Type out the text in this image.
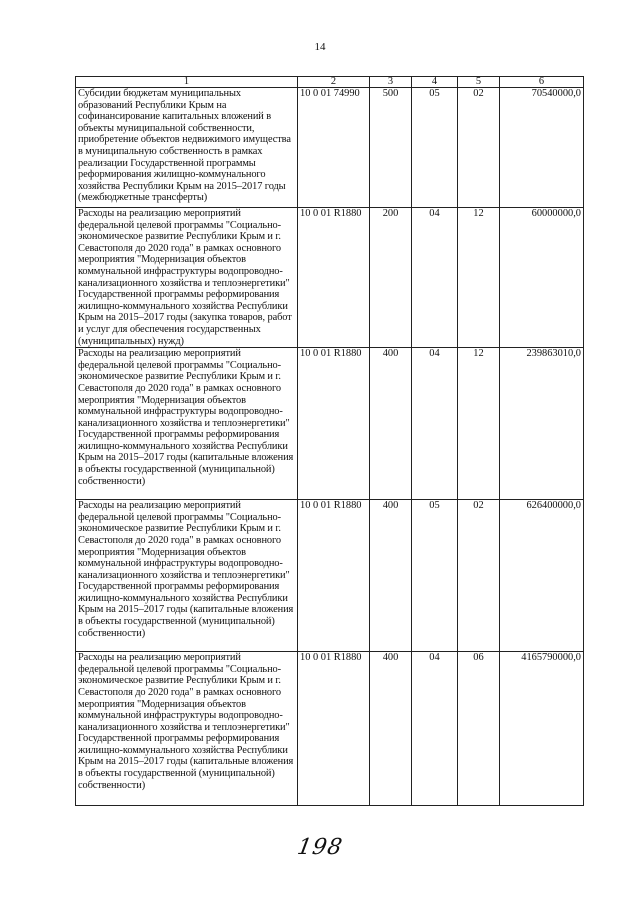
14
1	2	3	4	5	6
Субсидии бюджетам муниципальных образований Республики Крым на софинансирование капитальных вложений в объекты муниципальной собственности, приобретение объектов недвижимого имущества в муниципальную собственность в рамках реализации Государственной программы реформирования жилищно-коммунального хозяйства Республики Крым на 2015–2017 годы (межбюджетные трансферты)	10 0 01 74990	500	05	02	70540000,0
Расходы на реализацию мероприятий федеральной целевой программы "Социально-экономическое развитие Республики Крым и г. Севастополя до 2020 года" в рамках основного мероприятия "Модернизация объектов коммунальной инфраструктуры водопроводно-канализационного хозяйства и теплоэнергетики" Государственной программы реформирования жилищно-коммунального хозяйства Республики Крым на 2015–2017 годы (закупка товаров, работ и услуг для обеспечения государственных (муниципальных) нужд)	10 0 01 R1880	200	04	12	60000000,0
Расходы на реализацию мероприятий федеральной целевой программы "Социально-экономическое развитие Республики Крым и г. Севастополя до 2020 года" в рамках основного мероприятия "Модернизация объектов коммунальной инфраструктуры водопроводно-канализационного хозяйства и теплоэнергетики" Государственной программы реформирования жилищно-коммунального хозяйства Республики Крым на 2015–2017 годы (капитальные вложения в объекты государственной (муниципальной) собственности)	10 0 01 R1880	400	04	12	239863010,0
Расходы на реализацию мероприятий федеральной целевой программы "Социально-экономическое развитие Республики Крым и г. Севастополя до 2020 года" в рамках основного мероприятия "Модернизация объектов коммунальной инфраструктуры водопроводно-канализационного хозяйства и теплоэнергетики" Государственной программы реформирования жилищно-коммунального хозяйства Республики Крым на 2015–2017 годы (капитальные вложения в объекты государственной (муниципальной) собственности)	10 0 01 R1880	400	05	02	626400000,0
Расходы на реализацию мероприятий федеральной целевой программы "Социально-экономическое развитие Республики Крым и г. Севастополя до 2020 года" в рамках основного мероприятия "Модернизация объектов коммунальной инфраструктуры водопроводно-канализационного хозяйства и теплоэнергетики" Государственной программы реформирования жилищно-коммунального хозяйства Республики Крым на 2015–2017 годы (капитальные вложения в объекты государственной (муниципальной) собственности)	10 0 01 R1880	400	04	06	4165790000,0
198
